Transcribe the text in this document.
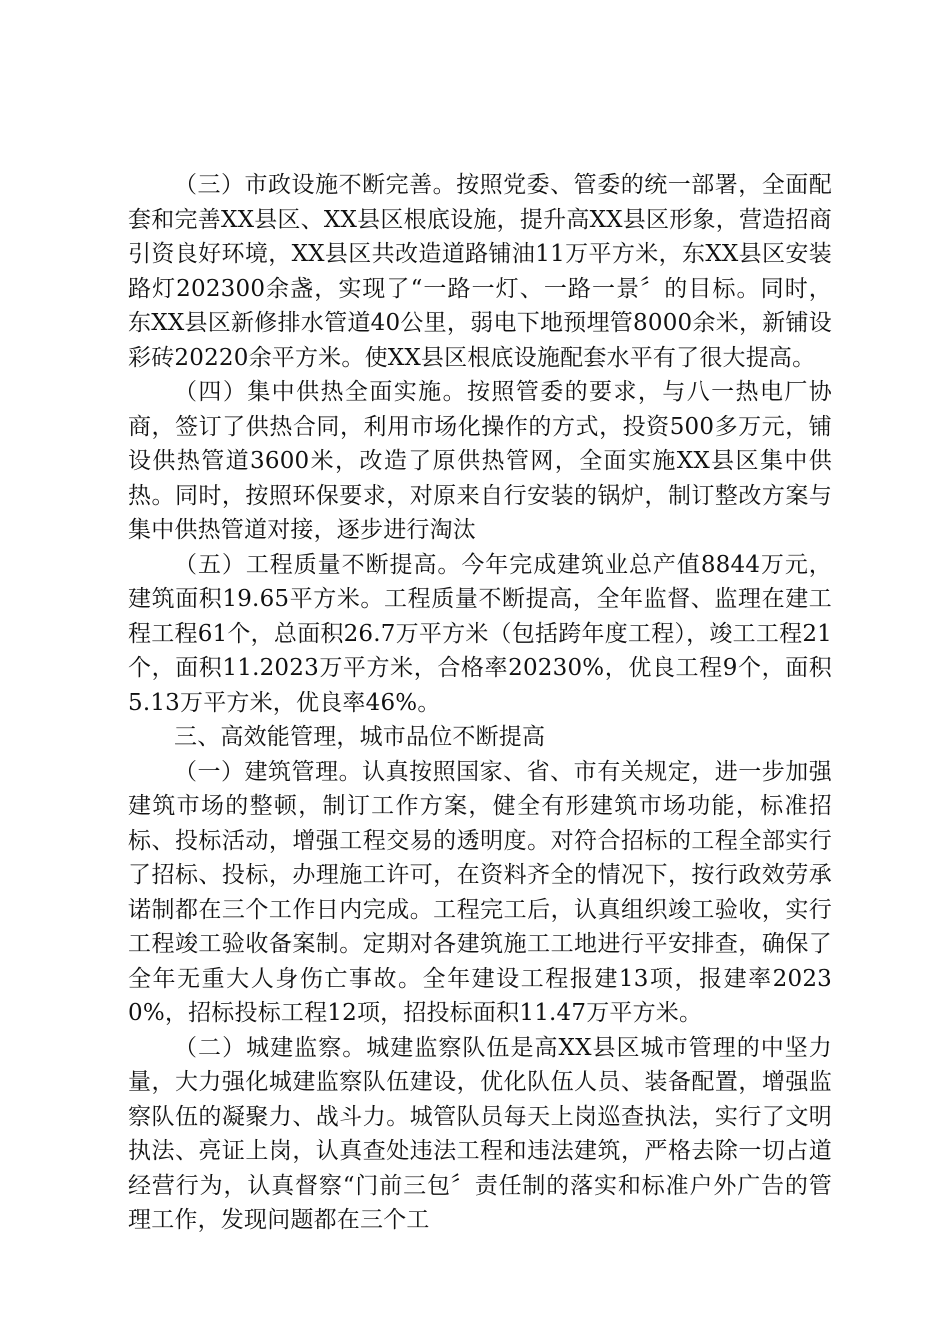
（三）市政设施不断完善。按照党委、管委的统一部署，全面配套和完善XX县区、XX县区根底设施，提升高XX县区形象，营造招商引资良好环境，XX县区共改造道路铺油11万平方米，东XX县区安装路灯202300余盏，实现了“一路一灯、一路一景〞的目标。同时，东XX县区新修排水管道40公里，弱电下地预埋管8000余米，新铺设彩砖20220余平方米。使XX县区根底设施配套水平有了很大提高。

（四）集中供热全面实施。按照管委的要求，与八一热电厂协商，签订了供热合同，利用市场化操作的方式，投资500多万元，铺设供热管道3600米，改造了原供热管网，全面实施XX县区集中供热。同时，按照环保要求，对原来自行安装的锅炉，制订整改方案与集中供热管道对接，逐步进行淘汰

（五）工程质量不断提高。今年完成建筑业总产值8844万元，建筑面积19.65平方米。工程质量不断提高，全年监督、监理在建工程工程61个，总面积26.7万平方米（包括跨年度工程），竣工工程21个，面积11.2023万平方米，合格率20230%，优良工程9个，面积5.13万平方米，优良率46%。

三、高效能管理，城市品位不断提高

（一）建筑管理。认真按照国家、省、市有关规定，进一步加强建筑市场的整顿，制订工作方案，健全有形建筑市场功能，标准招标、投标活动，增强工程交易的透明度。对符合招标的工程全部实行了招标、投标，办理施工许可，在资料齐全的情况下，按行政效劳承诺制都在三个工作日内完成。工程完工后，认真组织竣工验收，实行工程竣工验收备案制。定期对各建筑施工工地进行平安排查，确保了全年无重大人身伤亡事故。全年建设工程报建13项，报建率20230%，招标投标工程12项，招投标面积11.47万平方米。

（二）城建监察。城建监察队伍是高XX县区城市管理的中坚力量，大力强化城建监察队伍建设，优化队伍人员、装备配置，增强监察队伍的凝聚力、战斗力。城管队员每天上岗巡查执法，实行了文明执法、亮证上岗，认真查处违法工程和违法建筑，严格去除一切占道经营行为，认真督察“门前三包〞责任制的落实和标准户外广告的管理工作，发现问题都在三个工
